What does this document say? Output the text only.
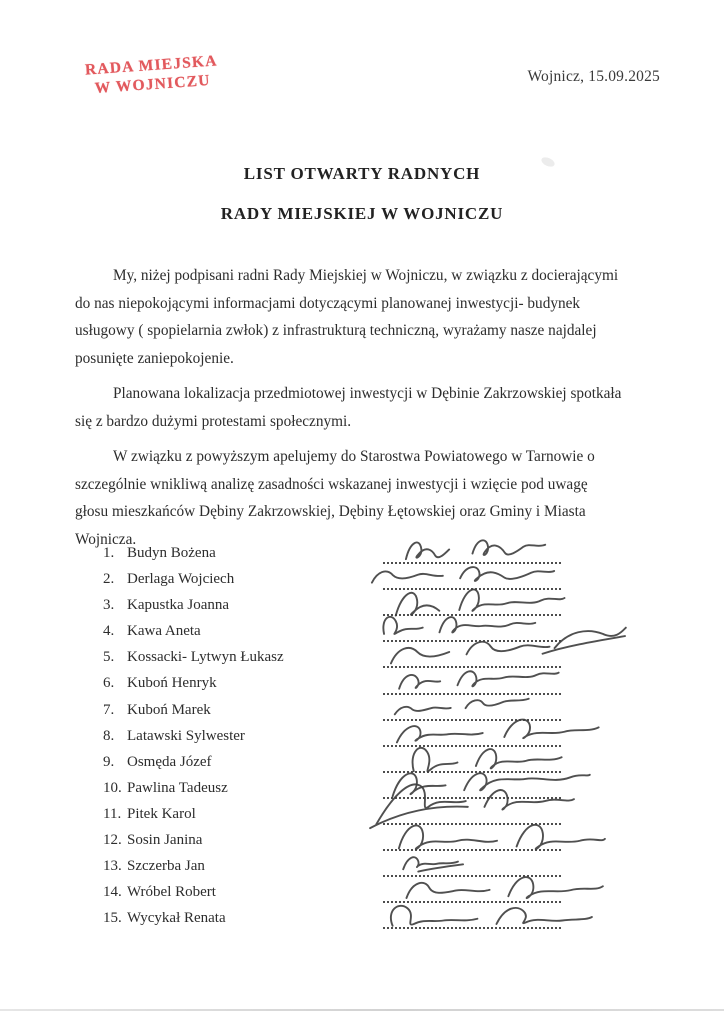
RADA MIEJSKA
W WOJNICZU	Wojnicz, 15.09.2025
LIST OTWARTY RADNYCH
RADY MIEJSKIEJ W WOJNICZU

My, niżej podpisani radni Rady Miejskiej w Wojniczu, w związku z docierającymi
do nas niepokojącymi informacjami dotyczącymi planowanej inwestycji- budynek
usługowy ( spopielarnia zwłok) z infrastrukturą techniczną, wyrażamy nasze najdalej
posunięte zaniepokojenie.

Planowana lokalizacja przedmiotowej inwestycji w Dębinie Zakrzowskiej spotkała
się z bardzo dużymi protestami społecznymi.

W związku z powyższym apelujemy do Starostwa Powiatowego w Tarnowie o
szczególnie wnikliwą analizę zasadności wskazanej inwestycji i wzięcie pod uwagę
głosu mieszkańców Dębiny Zakrzowskiej, Dębiny Łętowskiej oraz Gminy i Miasta
Wojnicza.

1. Budyn Bożena
2. Derlaga Wojciech
3. Kapustka Joanna
4. Kawa Aneta
5. Kossacki- Lytwyn Łukasz
6. Kuboń Henryk
7. Kuboń Marek
8. Latawski Sylwester
9. Osmęda Józef
10. Pawlina Tadeusz
11. Pitek Karol
12. Sosin Janina
13. Szczerba Jan
14. Wróbel Robert
15. Wycykał Renata
